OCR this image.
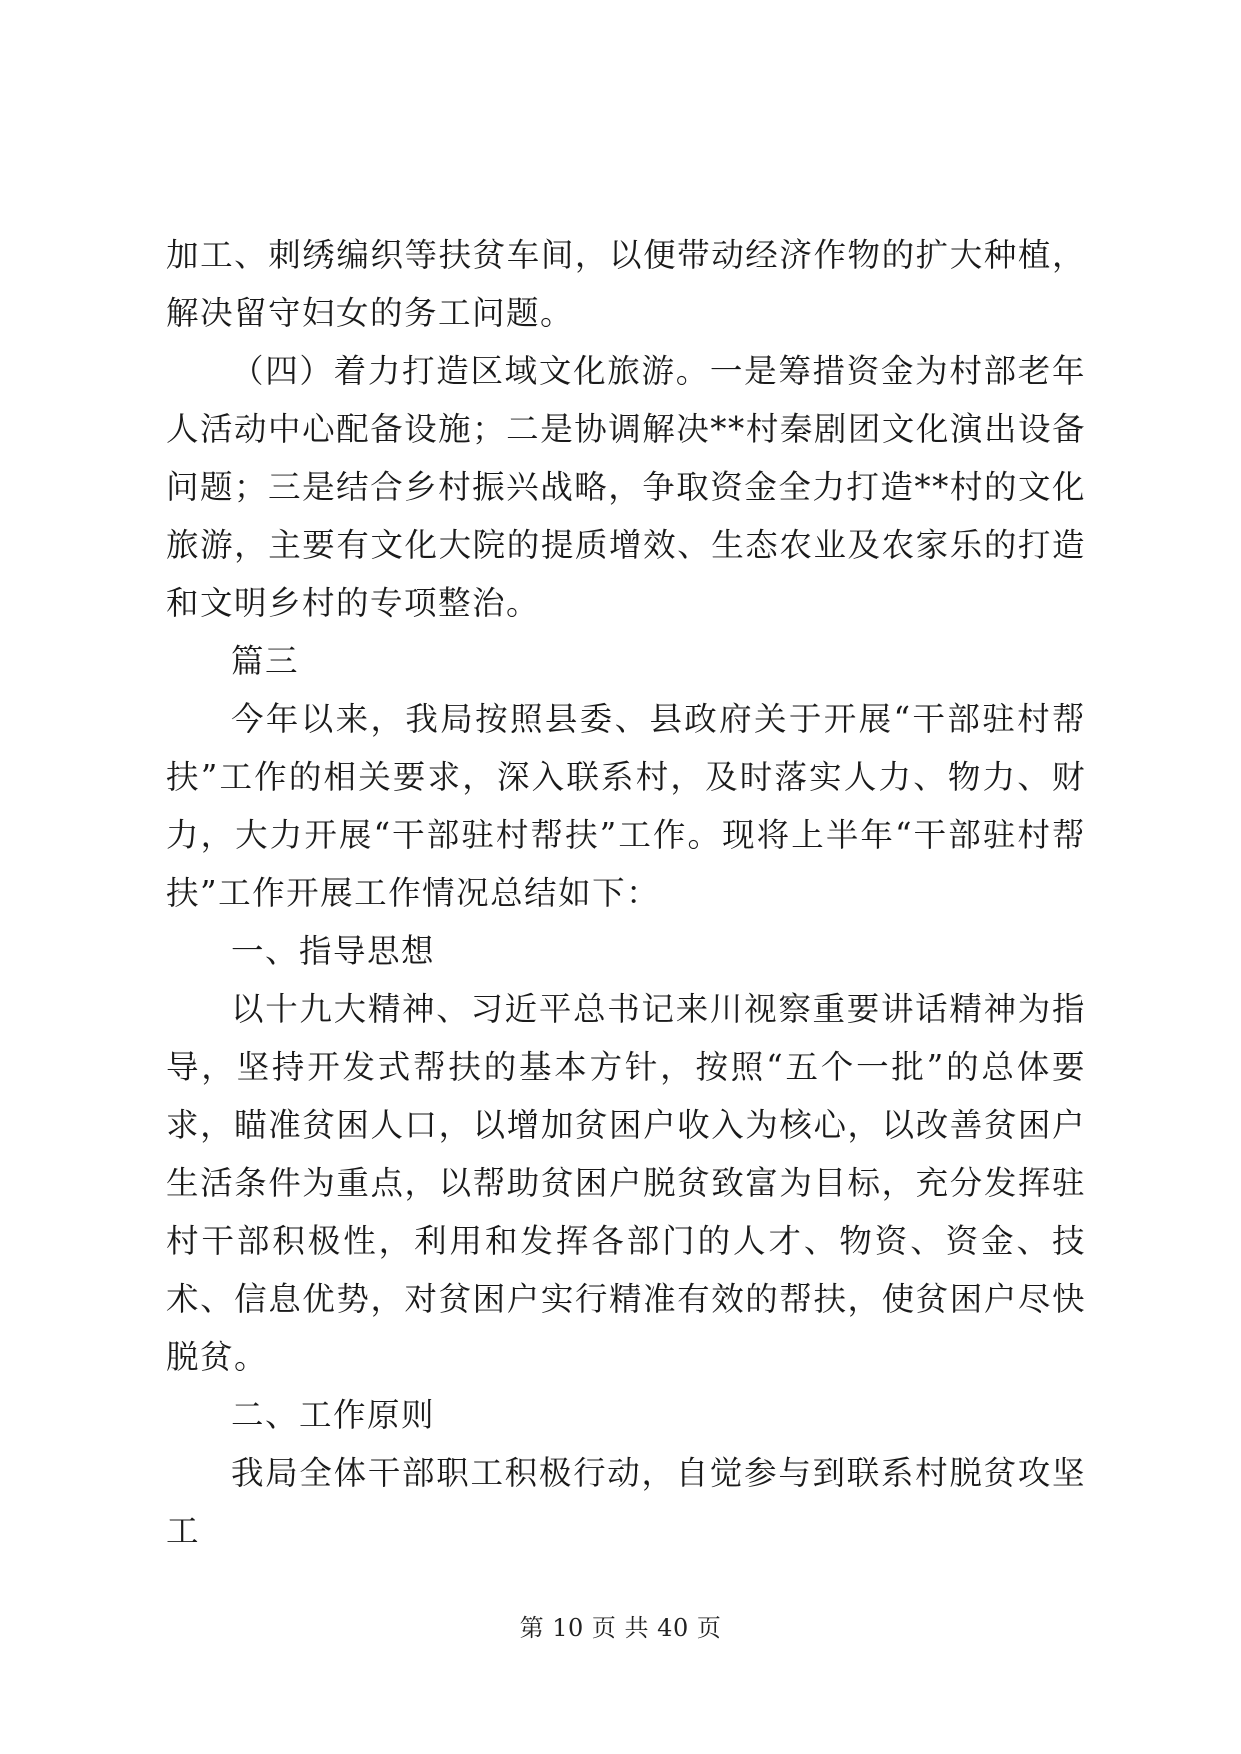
加工、刺绣编织等扶贫车间，以便带动经济作物的扩大种植，解决留守妇女的务工问题。

（四）着力打造区域文化旅游。一是筹措资金为村部老年人活动中心配备设施；二是协调解决**村秦剧团文化演出设备问题；三是结合乡村振兴战略，争取资金全力打造**村的文化旅游，主要有文化大院的提质增效、生态农业及农家乐的打造和文明乡村的专项整治。

篇三

今年以来，我局按照县委、县政府关于开展“干部驻村帮扶”工作的相关要求，深入联系村，及时落实人力、物力、财力，大力开展“干部驻村帮扶”工作。现将上半年“干部驻村帮扶”工作开展工作情况总结如下：

一、指导思想

以十九大精神、习近平总书记来川视察重要讲话精神为指导，坚持开发式帮扶的基本方针，按照“五个一批”的总体要求，瞄准贫困人口，以增加贫困户收入为核心，以改善贫困户生活条件为重点，以帮助贫困户脱贫致富为目标，充分发挥驻村干部积极性，利用和发挥各部门的人才、物资、资金、技术、信息优势，对贫困户实行精准有效的帮扶，使贫困户尽快脱贫。

二、工作原则

我局全体干部职工积极行动，自觉参与到联系村脱贫攻坚工

第 10 页 共 40 页
